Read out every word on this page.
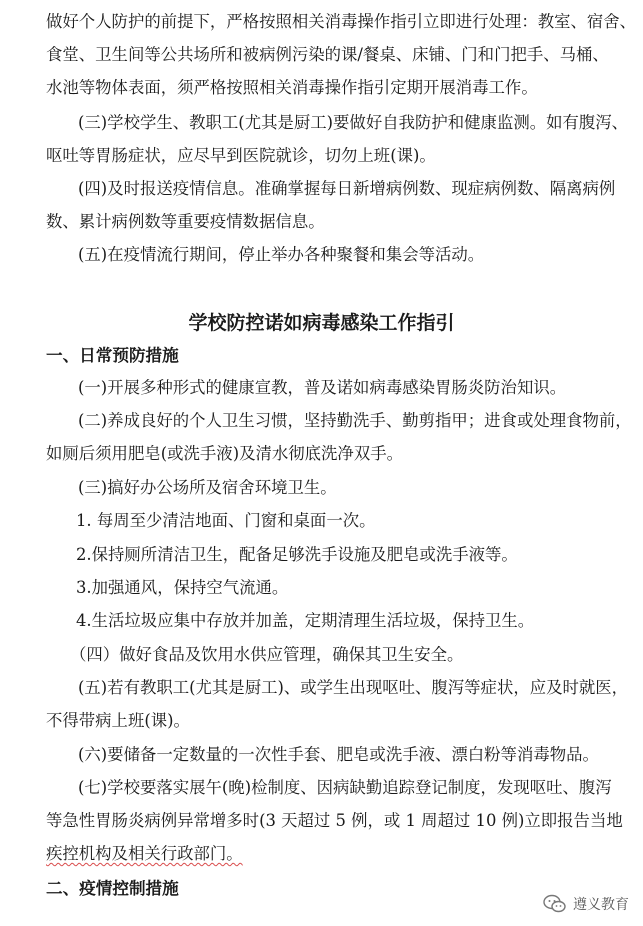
做好个人防护的前提下，严格按照相关消毒操作指引立即进行处理：教室、宿舍、
食堂、卫生间等公共场所和被病例污染的课/餐桌、床铺、门和门把手、马桶、
水池等物体表面，须严格按照相关消毒操作指引定期开展消毒工作。
(三)学校学生、教职工(尤其是厨工)要做好自我防护和健康监测。如有腹泻、
呕吐等胃肠症状，应尽早到医院就诊，切勿上班(课)。
(四)及时报送疫情信息。准确掌握每日新增病例数、现症病例数、隔离病例
数、累计病例数等重要疫情数据信息。
(五)在疫情流行期间，停止举办各种聚餐和集会等活动。
学校防控诺如病毒感染工作指引
一、日常预防措施
(一)开展多种形式的健康宣教，普及诺如病毒感染胃肠炎防治知识。
(二)养成良好的个人卫生习惯，坚持勤洗手、勤剪指甲；进食或处理食物前，
如厕后须用肥皂(或洗手液)及清水彻底洗净双手。
(三)搞好办公场所及宿舍环境卫生。
1. 每周至少清洁地面、门窗和桌面一次。
2.保持厕所清洁卫生，配备足够洗手设施及肥皂或洗手液等。
3.加强通风，保持空气流通。
4.生活垃圾应集中存放并加盖，定期清理生活垃圾，保持卫生。
（四）做好食品及饮用水供应管理，确保其卫生安全。
(五)若有教职工(尤其是厨工)、或学生出现呕吐、腹泻等症状，应及时就医，
不得带病上班(课)。
(六)要储备一定数量的一次性手套、肥皂或洗手液、漂白粉等消毒物品。
(七)学校要落实展午(晚)检制度、因病缺勤追踪登记制度，发现呕吐、腹泻
等急性胃肠炎病例异常增多时(3 天超过 5 例，或 1 周超过 10 例)立即报告当地
疾控机构及相关行政部门。
二、疫情控制措施
遵义教育
